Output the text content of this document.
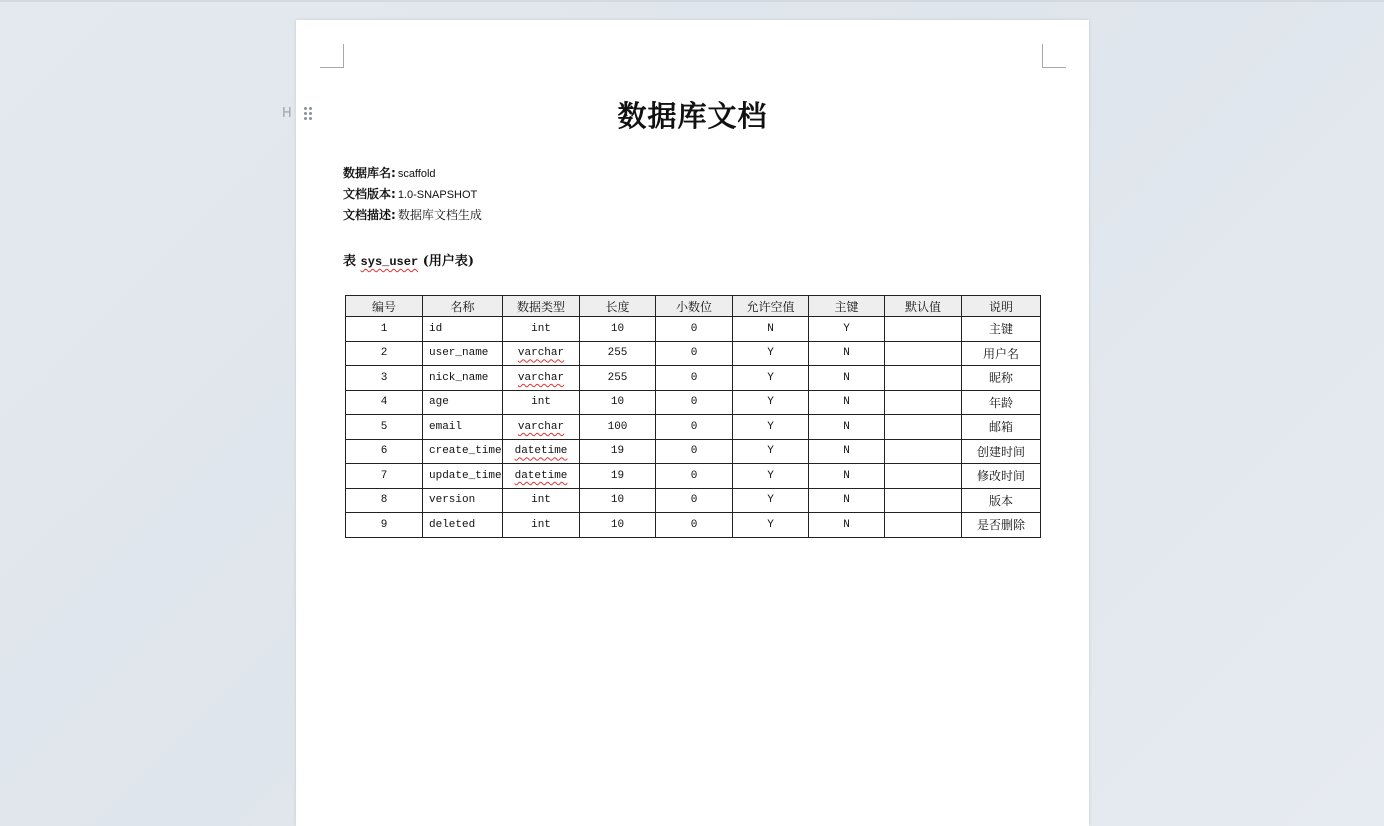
H	数据库文档
数据库名: scaffold
文档版本: 1.0-SNAPSHOT
文档描述: 数据库文档生成
表 sys_user (用户表)
编号	名称	数据类型	长度	小数位	允许空值	主键	默认值	说明
1	id	int	10	0	N	Y		主键
2	user_name	varchar	255	0	Y	N		用户名
3	nick_name	varchar	255	0	Y	N		昵称
4	age	int	10	0	Y	N		年龄
5	email	varchar	100	0	Y	N		邮箱
6	create_time	datetime	19	0	Y	N		创建时间
7	update_time	datetime	19	0	Y	N		修改时间
8	version	int	10	0	Y	N		版本
9	deleted	int	10	0	Y	N		是否删除
